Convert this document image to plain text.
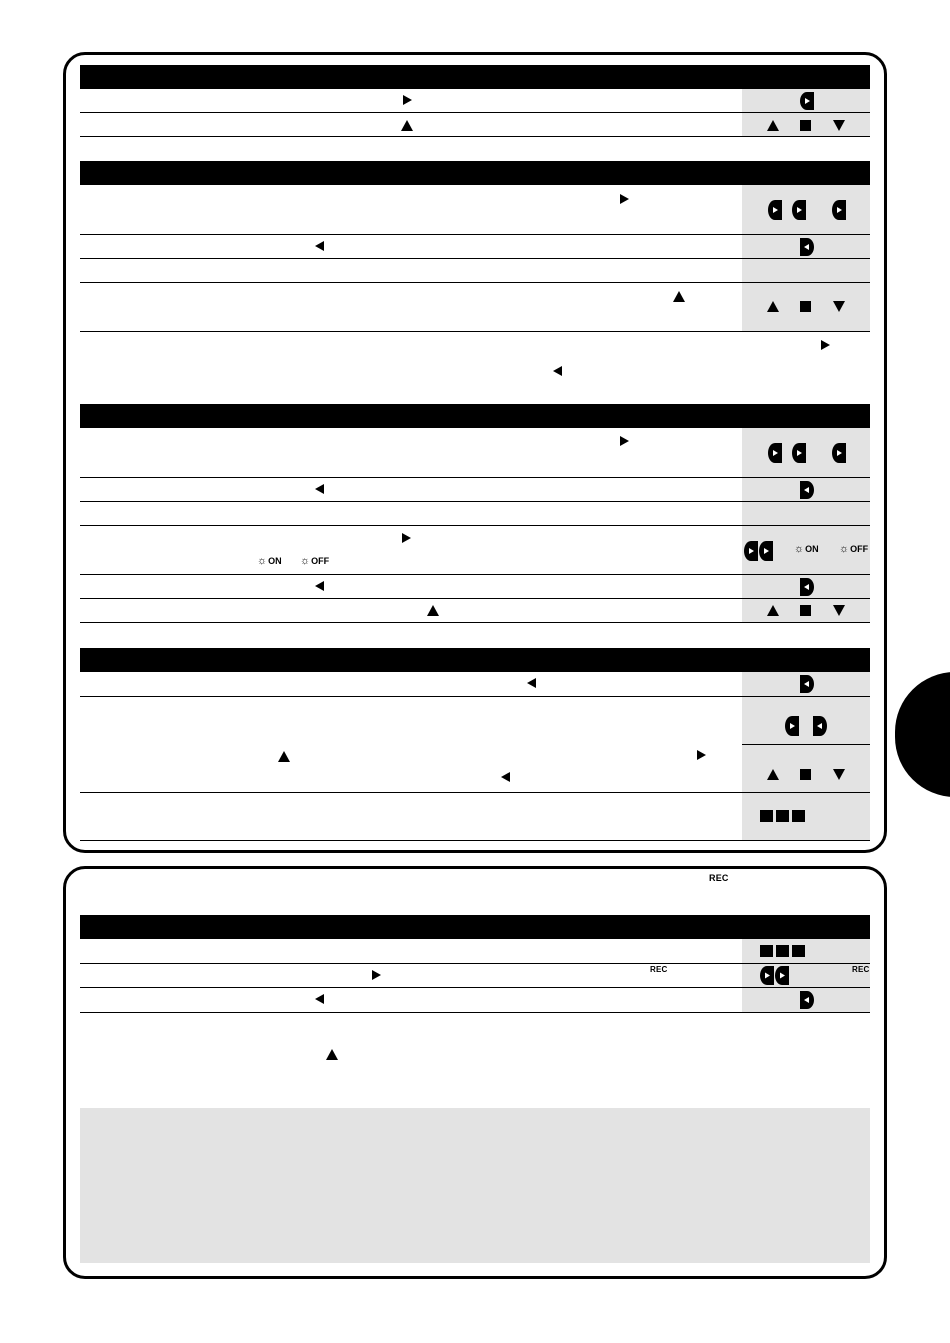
☼ON ☼OFF
☼ON ☼OFF
REC
REC
REC
